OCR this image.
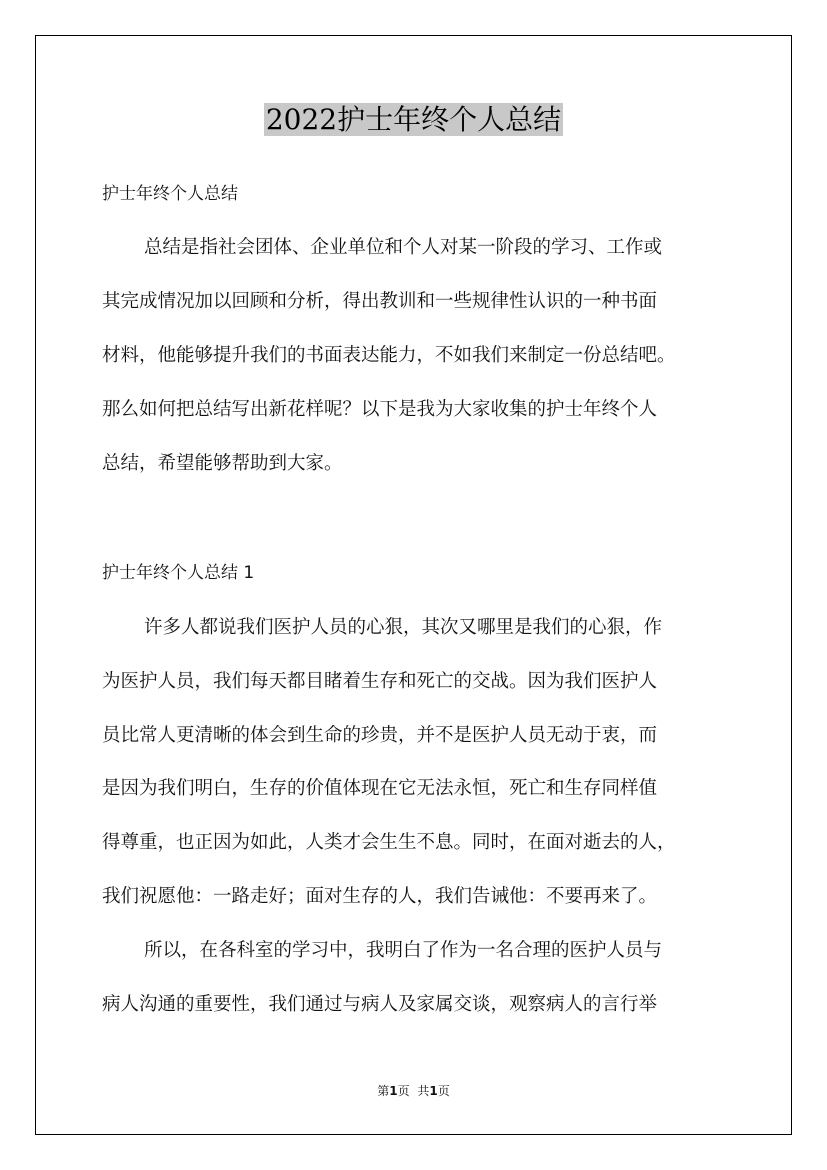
2022护士年终个人总结
护士年终个人总结
总结是指社会团体、企业单位和个人对某一阶段的学习、工作或
其完成情况加以回顾和分析，得出教训和一些规律性认识的一种书面
材料，他能够提升我们的书面表达能力，不如我们来制定一份总结吧。
那么如何把总结写出新花样呢？以下是我为大家收集的护士年终个人
总结，希望能够帮助到大家。
护士年终个人总结 1
许多人都说我们医护人员的心狠，其次又哪里是我们的心狠，作
为医护人员，我们每天都目睹着生存和死亡的交战。因为我们医护人
员比常人更清晰的体会到生命的珍贵，并不是医护人员无动于衷，而
是因为我们明白，生存的价值体现在它无法永恒，死亡和生存同样值
得尊重，也正因为如此，人类才会生生不息。同时，在面对逝去的人，
我们祝愿他：一路走好；面对生存的人，我们告诫他：不要再来了。
所以，在各科室的学习中，我明白了作为一名合理的医护人员与
病人沟通的重要性，我们通过与病人及家属交谈，观察病人的言行举
第1页 共1页
